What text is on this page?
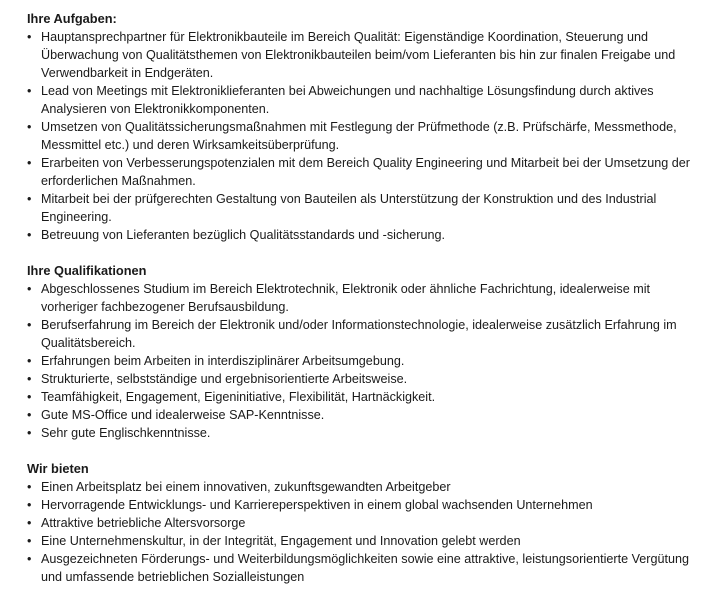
Ihre Aufgaben:

• Hauptansprechpartner für Elektronikbauteile im Bereich Qualität: Eigenständige Koordination, Steuerung und Überwachung von Qualitätsthemen von Elektronikbauteilen beim/vom Lieferanten bis hin zur finalen Freigabe und Verwendbarkeit in Endgeräten.
• Lead von Meetings mit Elektroniklieferanten bei Abweichungen und nachhaltige Lösungsfindung durch aktives Analysieren von Elektronikkomponenten.
• Umsetzen von Qualitätssicherungsmaßnahmen mit Festlegung der Prüfmethode (z.B. Prüfschärfe, Messmethode, Messmittel etc.) und deren Wirksamkeitsüberprüfung.
• Erarbeiten von Verbesserungspotenzialen mit dem Bereich Quality Engineering und Mitarbeit bei der Umsetzung der erforderlichen Maßnahmen.
• Mitarbeit bei der prüfgerechten Gestaltung von Bauteilen als Unterstützung der Konstruktion und des Industrial Engineering.
• Betreuung von Lieferanten bezüglich Qualitätsstandards und -sicherung.

Ihre Qualifikationen

• Abgeschlossenes Studium im Bereich Elektrotechnik, Elektronik oder ähnliche Fachrichtung, idealerweise mit vorheriger fachbezogener Berufsausbildung.
• Berufserfahrung im Bereich der Elektronik und/oder Informationstechnologie, idealerweise zusätzlich Erfahrung im Qualitätsbereich.
• Erfahrungen beim Arbeiten in interdisziplinärer Arbeitsumgebung.
• Strukturierte, selbstständige und ergebnisorientierte Arbeitsweise.
• Teamfähigkeit, Engagement, Eigeninitiative, Flexibilität, Hartnäckigkeit.
• Gute MS-Office und idealerweise SAP-Kenntnisse.
• Sehr gute Englischkenntnisse.

Wir bieten

• Einen Arbeitsplatz bei einem innovativen, zukunftsgewandten Arbeitgeber
• Hervorragende Entwicklungs- und Karriereperspektiven in einem global wachsenden Unternehmen
• Attraktive betriebliche Altersvorsorge
• Eine Unternehmenskultur, in der Integrität, Engagement und Innovation gelebt werden
• Ausgezeichneten Förderungs- und Weiterbildungsmöglichkeiten sowie eine attraktive, leistungsorientierte Vergütung und umfassende betrieblichen Sozialleistungen
